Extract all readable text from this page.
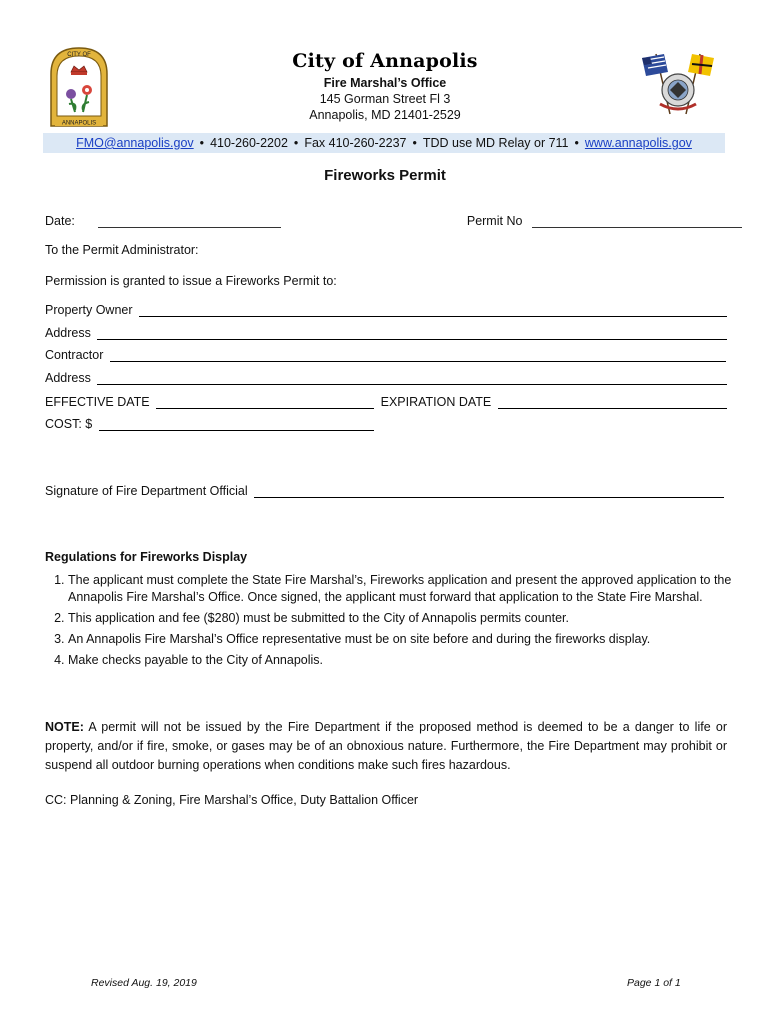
CITY OF
ANNAPOLIS
City of Annapolis
Fire Marshal’s Office
145 Gorman Street Fl 3
Annapolis, MD 21401-2529
FMO@annapolis.gov • 410-260-2202 • Fax 410-260-2237 • TDD use MD Relay or 711 • www.annapolis.gov
Fireworks Permit
Date:	Permit No
To the Permit Administrator:
Permission is granted to issue a Fireworks Permit to:
Property Owner
Address
Contractor
Address
EFFECTIVE DATE	EXPIRATION DATE
COST: $
Signature of Fire Department Official
Regulations for Fireworks Display
1. The applicant must complete the State Fire Marshal’s, Fireworks application and present the approved application to the Annapolis Fire Marshal’s Office. Once signed, the applicant must forward that application to the State Fire Marshal.
2. This application and fee ($280) must be submitted to the City of Annapolis permits counter.
3. An Annapolis Fire Marshal’s Office representative must be on site before and during the fireworks display.
4. Make checks payable to the City of Annapolis.
NOTE: A permit will not be issued by the Fire Department if the proposed method is deemed to be a danger to life or property, and/or if fire, smoke, or gases may be of an obnoxious nature. Furthermore, the Fire Department may prohibit or suspend all outdoor burning operations when conditions make such fires hazardous.
CC: Planning & Zoning, Fire Marshal’s Office, Duty Battalion Officer
Revised Aug. 19, 2019	Page 1 of 1
